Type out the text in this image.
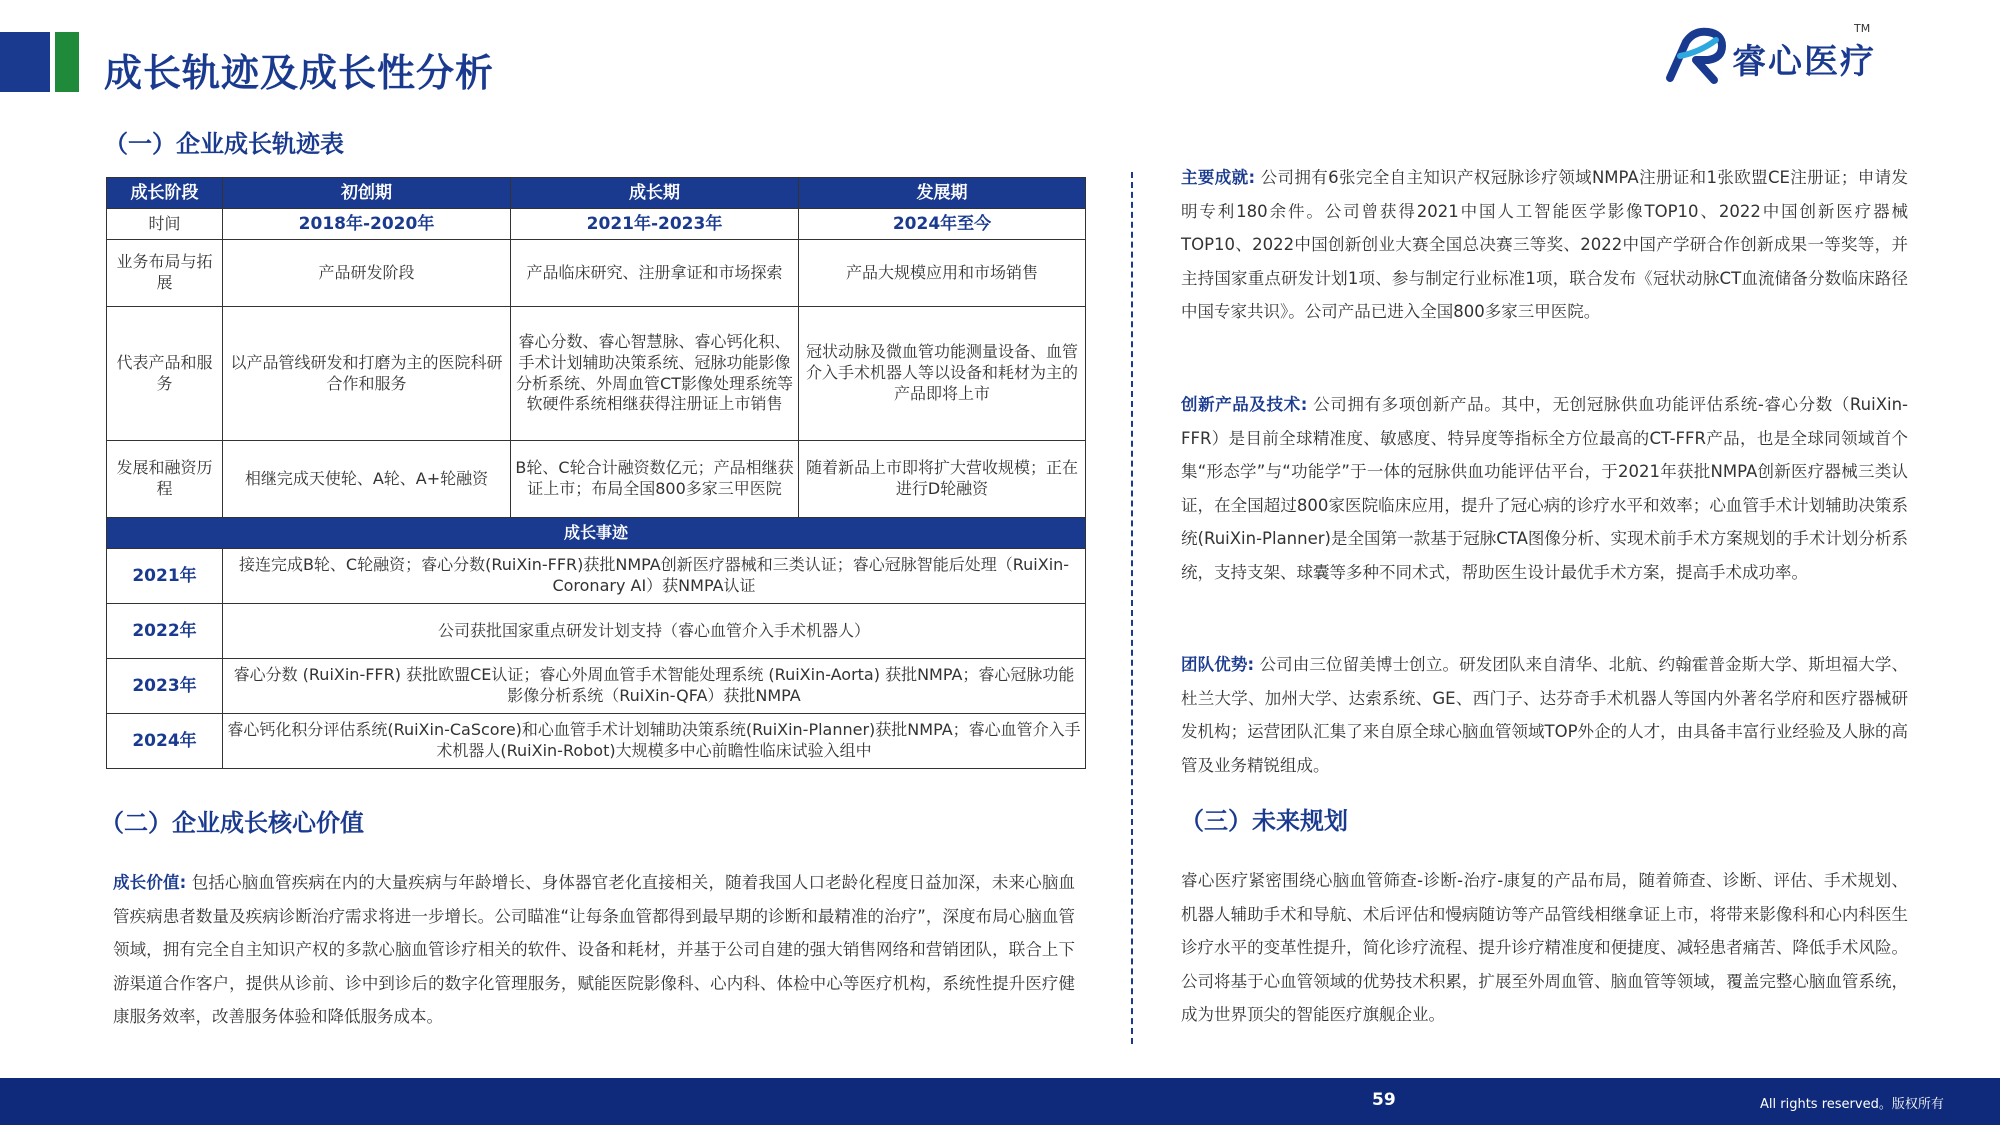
成长轨迹及成长性分析	睿心医疗
TM
（一）企业成长轨迹表
成长阶段	初创期	成长期	发展期
时间	2018年-2020年	2021年-2023年	2024年至今
业务布局与拓展	产品研发阶段	产品临床研究、注册拿证和市场探索	产品大规模应用和市场销售
代表产品和服务	以产品管线研发和打磨为主的医院科研合作和服务	睿心分数、睿心智慧脉、睿心钙化积、手术计划辅助决策系统、冠脉功能影像分析系统、外周血管CT影像处理系统等软硬件系统相继获得注册证上市销售	冠状动脉及微血管功能测量设备、血管介入手术机器人等以设备和耗材为主的产品即将上市
发展和融资历程	相继完成天使轮、A轮、A+轮融资	B轮、C轮合计融资数亿元；产品相继获证上市；布局全国800多家三甲医院	随着新品上市即将扩大营收规模；正在进行D轮融资
成长事迹			
2021年	接连完成B轮、C轮融资；睿心分数(RuiXin-FFR)获批NMPA创新医疗器械和三类认证；睿心冠脉智能后处理（RuiXin-Coronary AI）获NMPA认证		
2022年	公司获批国家重点研发计划支持（睿心血管介入手术机器人）		
2023年	睿心分数 (RuiXin-FFR) 获批欧盟CE认证；睿心外周血管手术智能处理系统 (RuiXin-Aorta) 获批NMPA；睿心冠脉功能影像分析系统（RuiXin-QFA）获批NMPA		
2024年	睿心钙化积分评估系统(RuiXin-CaScore)和心血管手术计划辅助决策系统(RuiXin-Planner)获批NMPA；睿心血管介入手术机器人(RuiXin-Robot)大规模多中心前瞻性临床试验入组中		
（二）企业成长核心价值
成长价值: 包括心脑血管疾病在内的大量疾病与年龄增长、身体器官老化直接相关，随着我国人口老龄化程度日益加深，未来心脑血管疾病患者数量及疾病诊断治疗需求将进一步增长。公司瞄准“让每条血管都得到最早期的诊断和最精准的治疗”，深度布局心脑血管领域，拥有完全自主知识产权的多款心脑血管诊疗相关的软件、设备和耗材，并基于公司自建的强大销售网络和营销团队，联合上下游渠道合作客户，提供从诊前、诊中到诊后的数字化管理服务，赋能医院影像科、心内科、体检中心等医疗机构，系统性提升医疗健康服务效率，改善服务体验和降低服务成本。
主要成就: 公司拥有6张完全自主知识产权冠脉诊疗领域NMPA注册证和1张欧盟CE注册证；申请发明专利180余件。公司曾获得2021中国人工智能医学影像TOP10、2022中国创新医疗器械TOP10、2022中国创新创业大赛全国总决赛三等奖、2022中国产学研合作创新成果一等奖等，并主持国家重点研发计划1项、参与制定行业标准1项，联合发布《冠状动脉CT血流储备分数临床路径中国专家共识》。公司产品已进入全国800多家三甲医院。
创新产品及技术: 公司拥有多项创新产品。其中，无创冠脉供血功能评估系统-睿心分数（RuiXin-FFR）是目前全球精准度、敏感度、特异度等指标全方位最高的CT-FFR产品，也是全球同领域首个集“形态学”与“功能学”于一体的冠脉供血功能评估平台，于2021年获批NMPA创新医疗器械三类认证，在全国超过800家医院临床应用，提升了冠心病的诊疗水平和效率；心血管手术计划辅助决策系统(RuiXin-Planner)是全国第一款基于冠脉CTA图像分析、实现术前手术方案规划的手术计划分析系统，支持支架、球囊等多种不同术式，帮助医生设计最优手术方案，提高手术成功率。
团队优势: 公司由三位留美博士创立。研发团队来自清华、北航、约翰霍普金斯大学、斯坦福大学、杜兰大学、加州大学、达索系统、GE、西门子、达芬奇手术机器人等国内外著名学府和医疗器械研发机构；运营团队汇集了来自原全球心脑血管领域TOP外企的人才，由具备丰富行业经验及人脉的高管及业务精锐组成。
（三）未来规划
睿心医疗紧密围绕心脑血管筛查-诊断-治疗-康复的产品布局，随着筛查、诊断、评估、手术规划、机器人辅助手术和导航、术后评估和慢病随访等产品管线相继拿证上市，将带来影像科和心内科医生诊疗水平的变革性提升，简化诊疗流程、提升诊疗精准度和便捷度、减轻患者痛苦、降低手术风险。公司将基于心血管领域的优势技术积累，扩展至外周血管、脑血管等领域，覆盖完整心脑血管系统，成为世界顶尖的智能医疗旗舰企业。
59	All rights reserved。版权所有
